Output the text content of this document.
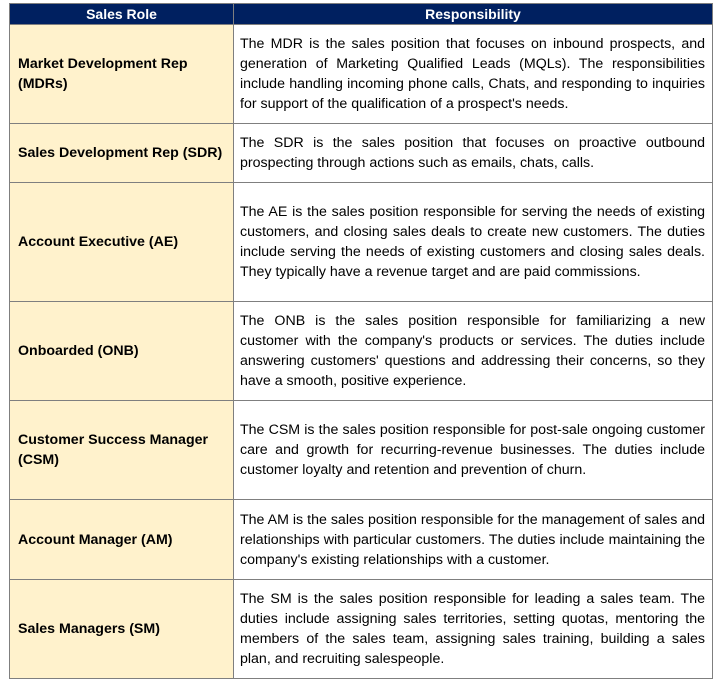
Sales Role	Responsibility
Market Development Rep (MDRs)	The MDR is the sales position that focuses on inbound prospects, and generation of Marketing Qualified Leads (MQLs). The responsibilities include handling incoming phone calls, Chats, and responding to inquiries for support of the qualification of a prospect's needs.
Sales Development Rep (SDR)	The SDR is the sales position that focuses on proactive outbound prospecting through actions such as emails, chats, calls.
Account Executive (AE)	The AE is the sales position responsible for serving the needs of existing customers, and closing sales deals to create new customers. The duties include serving the needs of existing customers and closing sales deals. They typically have a revenue target and are paid commissions.
Onboarded (ONB)	The ONB is the sales position responsible for familiarizing a new customer with the company's products or services. The duties include answering customers' questions and addressing their concerns, so they have a smooth, positive experience.
Customer Success Manager (CSM)	The CSM is the sales position responsible for post-sale ongoing customer care and growth for recurring-revenue businesses. The duties include customer loyalty and retention and prevention of churn.
Account Manager (AM)	The AM is the sales position responsible for the management of sales and relationships with particular customers. The duties include maintaining the company's existing relationships with a customer.
Sales Managers (SM)	The SM is the sales position responsible for leading a sales team. The duties include assigning sales territories, setting quotas, mentoring the members of the sales team, assigning sales training, building a sales plan, and recruiting salespeople.
